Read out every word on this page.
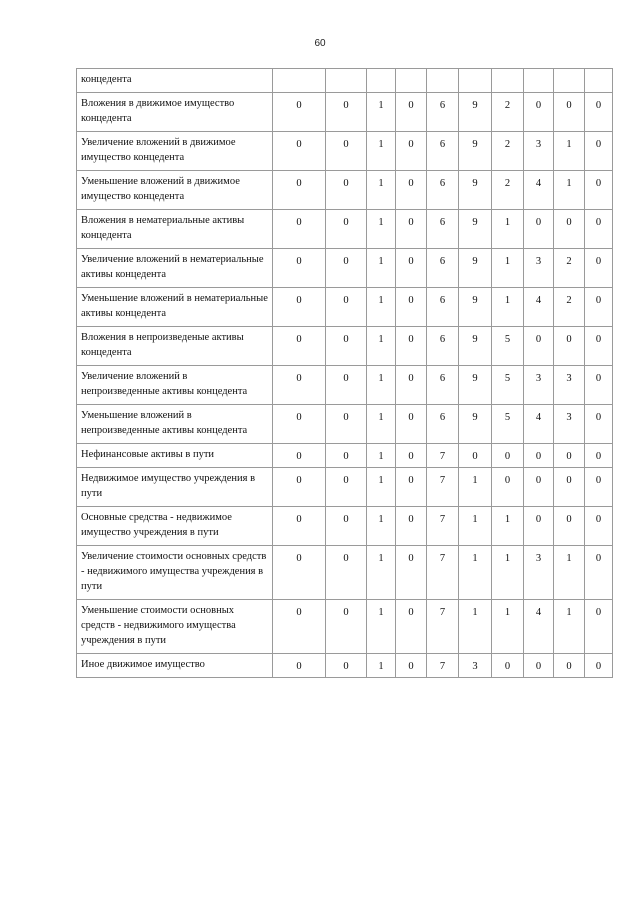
60
концедента										
Вложения в движимое имущество концедента	0	0	1	0	6	9	2	0	0	0
Увеличение вложений в движимое имущество концедента	0	0	1	0	6	9	2	3	1	0
Уменьшение вложений в движимое имущество концедента	0	0	1	0	6	9	2	4	1	0
Вложения в нематериальные активы концедента	0	0	1	0	6	9	1	0	0	0
Увеличение вложений в нематериальные активы концедента	0	0	1	0	6	9	1	3	2	0
Уменьшение вложений в нематериальные активы концедента	0	0	1	0	6	9	1	4	2	0
Вложения в непроизведеные активы концедента	0	0	1	0	6	9	5	0	0	0
Увеличение вложений в непроизведенные активы концедента	0	0	1	0	6	9	5	3	3	0
Уменьшение вложений в непроизведенные активы концедента	0	0	1	0	6	9	5	4	3	0
Нефинансовые активы в пути	0	0	1	0	7	0	0	0	0	0
Недвижимое имущество учреждения в пути	0	0	1	0	7	1	0	0	0	0
Основные средства - недвижимое имущество учреждения в пути	0	0	1	0	7	1	1	0	0	0
Увеличение стоимости основных средств - недвижимого имущества учреждения в пути	0	0	1	0	7	1	1	3	1	0
Уменьшение стоимости основных средств - недвижимого имущества учреждения в пути	0	0	1	0	7	1	1	4	1	0
Иное движимое имущество	0	0	1	0	7	3	0	0	0	0
